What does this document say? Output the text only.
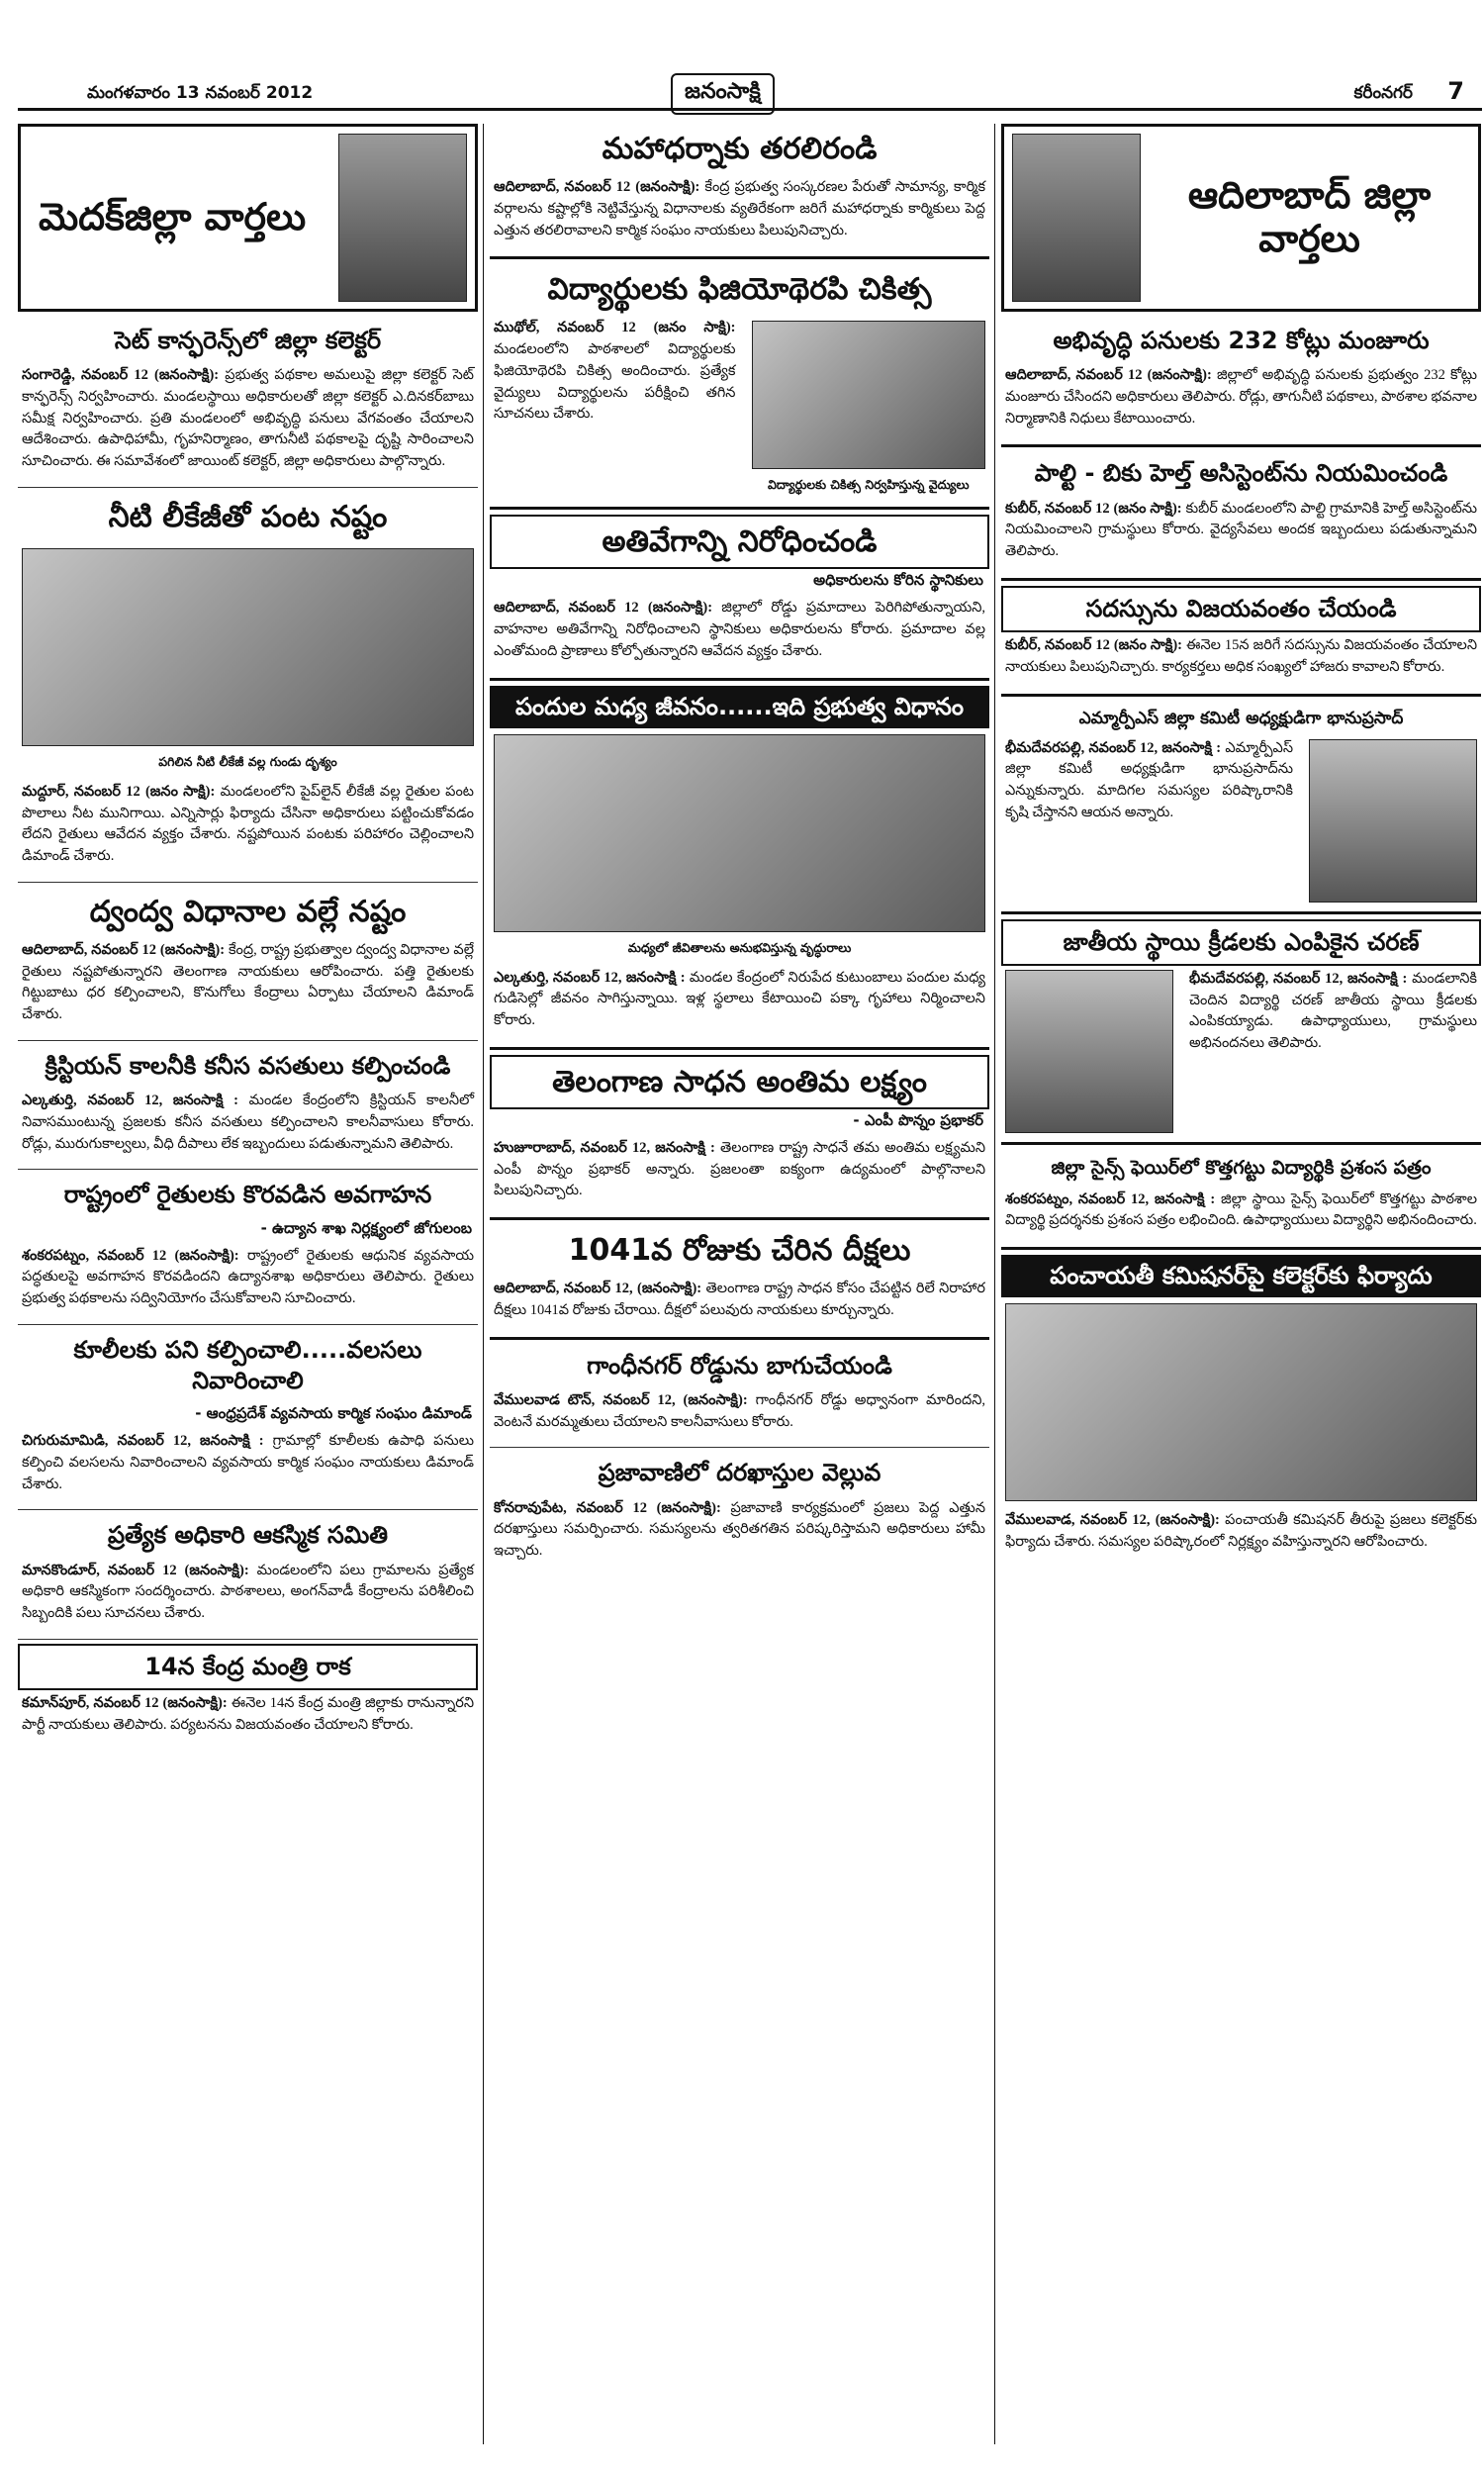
మంగళవారం 13 నవంబర్ 2012	జనంసాక్షి	కరీంనగర్ 7
మెదక్‌జిల్లా వార్తలు
సెట్ కాన్ఫరెన్స్‌లో జిల్లా కలెక్టర్
సంగారెడ్డి, నవంబర్ 12 (జనంసాక్షి): ప్రభుత్వ పథకాల అమలుపై జిల్లా కలెక్టర్ సెట్ కాన్ఫరెన్స్ నిర్వహించారు. మండలస్థాయి అధికారులతో జిల్లా కలెక్టర్ ఎ.దినకర్‌బాబు సమీక్ష నిర్వహించారు. ప్రతి మండలంలో అభివృద్ధి పనులు వేగవంతం చేయాలని ఆదేశించారు. ఉపాధిహామీ, గృహనిర్మాణం, తాగునీటి పథకాలపై దృష్టి సారించాలని సూచించారు. ఈ సమావేశంలో జాయింట్ కలెక్టర్, జిల్లా అధికారులు పాల్గొన్నారు.
నీటి లీకేజీతో పంట నష్టం
పగిలిన నీటి లీకేజీ వల్ల గుండు దృశ్యం
మద్దూర్, నవంబర్ 12 (జనం సాక్షి): మండలంలోని పైప్‌లైన్ లీకేజీ వల్ల రైతుల పంట పొలాలు నీట మునిగాయి. ఎన్నిసార్లు ఫిర్యాదు చేసినా అధికారులు పట్టించుకోవడం లేదని రైతులు ఆవేదన వ్యక్తం చేశారు. నష్టపోయిన పంటకు పరిహారం చెల్లించాలని డిమాండ్ చేశారు.
ద్వంద్వ విధానాల వల్లే నష్టం
ఆదిలాబాద్, నవంబర్ 12 (జనంసాక్షి): కేంద్ర, రాష్ట్ర ప్రభుత్వాల ద్వంద్వ విధానాల వల్లే రైతులు నష్టపోతున్నారని తెలంగాణ నాయకులు ఆరోపించారు. పత్తి రైతులకు గిట్టుబాటు ధర కల్పించాలని, కొనుగోలు కేంద్రాలు ఏర్పాటు చేయాలని డిమాండ్ చేశారు.
క్రిస్టియన్ కాలనీకి కనీస వసతులు కల్పించండి
ఎల్కతుర్తి, నవంబర్ 12, జనంసాక్షి : మండల కేంద్రంలోని క్రిస్టియన్ కాలనీలో నివాసముంటున్న ప్రజలకు కనీస వసతులు కల్పించాలని కాలనీవాసులు కోరారు. రోడ్లు, మురుగుకాల్వలు, వీధి దీపాలు లేక ఇబ్బందులు పడుతున్నామని తెలిపారు.
రాష్ట్రంలో రైతులకు కొరవడిన అవగాహన
- ఉద్యాన శాఖ నిర్లక్ష్యంలో జోగులంబ
శంకరపట్నం, నవంబర్ 12 (జనంసాక్షి): రాష్ట్రంలో రైతులకు ఆధునిక వ్యవసాయ పద్ధతులపై అవగాహన కొరవడిందని ఉద్యానశాఖ అధికారులు తెలిపారు. రైతులు ప్రభుత్వ పథకాలను సద్వినియోగం చేసుకోవాలని సూచించారు.
కూలీలకు పని కల్పించాలి.....వలసలు నివారించాలి
- ఆంధ్రప్రదేశ్ వ్యవసాయ కార్మిక సంఘం డిమాండ్
చిగురుమామిడి, నవంబర్ 12, జనంసాక్షి : గ్రామాల్లో కూలీలకు ఉపాధి పనులు కల్పించి వలసలను నివారించాలని వ్యవసాయ కార్మిక సంఘం నాయకులు డిమాండ్ చేశారు.
ప్రత్యేక అధికారి ఆకస్మిక సమితి
మానకొండూర్, నవంబర్ 12 (జనంసాక్షి): మండలంలోని పలు గ్రామాలను ప్రత్యేక అధికారి ఆకస్మికంగా సందర్శించారు. పాఠశాలలు, అంగన్‌వాడీ కేంద్రాలను పరిశీలించి సిబ్బందికి పలు సూచనలు చేశారు.
14న కేంద్ర మంత్రి రాక
కమాన్‌పూర్, నవంబర్ 12 (జనంసాక్షి): ఈనెల 14న కేంద్ర మంత్రి జిల్లాకు రానున్నారని పార్టీ నాయకులు తెలిపారు. పర్యటనను విజయవంతం చేయాలని కోరారు.
మహాధర్నాకు తరలిరండి
ఆదిలాబాద్, నవంబర్ 12 (జనంసాక్షి): కేంద్ర ప్రభుత్వ సంస్కరణల పేరుతో సామాన్య, కార్మిక వర్గాలను కష్టాల్లోకి నెట్టివేస్తున్న విధానాలకు వ్యతిరేకంగా జరిగే మహాధర్నాకు కార్మికులు పెద్ద ఎత్తున తరలిరావాలని కార్మిక సంఘం నాయకులు పిలుపునిచ్చారు.
విద్యార్థులకు ఫిజియోథెరపి చికిత్స
ముథోల్, నవంబర్ 12 (జనం సాక్షి): మండలంలోని పాఠశాలలో విద్యార్థులకు ఫిజియోథెరపి చికిత్స అందించారు. ప్రత్యేక వైద్యులు విద్యార్థులను పరీక్షించి తగిన సూచనలు చేశారు.
విద్యార్థులకు చికిత్స నిర్వహిస్తున్న వైద్యులు
అతివేగాన్ని నిరోధించండి
అధికారులను కోరిన స్థానికులు
ఆదిలాబాద్, నవంబర్ 12 (జనంసాక్షి): జిల్లాలో రోడ్డు ప్రమాదాలు పెరిగిపోతున్నాయని, వాహనాల అతివేగాన్ని నిరోధించాలని స్థానికులు అధికారులను కోరారు. ప్రమాదాల వల్ల ఎంతోమంది ప్రాణాలు కోల్పోతున్నారని ఆవేదన వ్యక్తం చేశారు.
పందుల మధ్య జీవనం......ఇది ప్రభుత్వ విధానం
మధ్యలో జీవితాలను అనుభవిస్తున్న వృద్ధురాలు
ఎల్కతుర్తి, నవంబర్ 12, జనంసాక్షి : మండల కేంద్రంలో నిరుపేద కుటుంబాలు పందుల మధ్య గుడిసెల్లో జీవనం సాగిస్తున్నాయి. ఇళ్ల స్థలాలు కేటాయించి పక్కా గృహాలు నిర్మించాలని కోరారు.
తెలంగాణ సాధన అంతిమ లక్ష్యం
- ఎంపీ పొన్నం ప్రభాకర్
హుజూరాబాద్, నవంబర్ 12, జనంసాక్షి : తెలంగాణ రాష్ట్ర సాధనే తమ అంతిమ లక్ష్యమని ఎంపీ పొన్నం ప్రభాకర్ అన్నారు. ప్రజలంతా ఐక్యంగా ఉద్యమంలో పాల్గొనాలని పిలుపునిచ్చారు.
1041వ రోజుకు చేరిన దీక్షలు
ఆదిలాబాద్, నవంబర్ 12, (జనంసాక్షి): తెలంగాణ రాష్ట్ర సాధన కోసం చేపట్టిన రిలే నిరాహార దీక్షలు 1041వ రోజుకు చేరాయి. దీక్షలో పలువురు నాయకులు కూర్చున్నారు.
గాంధీనగర్ రోడ్డును బాగుచేయండి
వేములవాడ టౌన్, నవంబర్ 12, (జనంసాక్షి): గాంధీనగర్ రోడ్డు అధ్వానంగా మారిందని, వెంటనే మరమ్మతులు చేయాలని కాలనీవాసులు కోరారు.
ప్రజావాణిలో దరఖాస్తుల వెల్లువ
కోనరావుపేట, నవంబర్ 12 (జనంసాక్షి): ప్రజావాణి కార్యక్రమంలో ప్రజలు పెద్ద ఎత్తున దరఖాస్తులు సమర్పించారు. సమస్యలను త్వరితగతిన పరిష్కరిస్తామని అధికారులు హామీ ఇచ్చారు.
ఆదిలాబాద్ జిల్లా వార్తలు
అభివృద్ధి పనులకు 232 కోట్లు మంజూరు
ఆదిలాబాద్, నవంబర్ 12 (జనంసాక్షి): జిల్లాలో అభివృద్ధి పనులకు ప్రభుత్వం 232 కోట్లు మంజూరు చేసిందని అధికారులు తెలిపారు. రోడ్లు, తాగునీటి పథకాలు, పాఠశాల భవనాల నిర్మాణానికి నిధులు కేటాయించారు.
పాల్టి - బికు హెల్త్ అసిస్టెంట్‌ను నియమించండి
కుబీర్, నవంబర్ 12 (జనం సాక్షి): కుబీర్ మండలంలోని పాల్టి గ్రామానికి హెల్త్ అసిస్టెంట్‌ను నియమించాలని గ్రామస్థులు కోరారు. వైద్యసేవలు అందక ఇబ్బందులు పడుతున్నామని తెలిపారు.
సదస్సును విజయవంతం చేయండి
కుబీర్, నవంబర్ 12 (జనం సాక్షి): ఈనెల 15న జరిగే సదస్సును విజయవంతం చేయాలని నాయకులు పిలుపునిచ్చారు. కార్యకర్తలు అధిక సంఖ్యలో హాజరు కావాలని కోరారు.
ఎమ్మార్పీఎస్ జిల్లా కమిటీ అధ్యక్షుడిగా భానుప్రసాద్
భీమదేవరపల్లి, నవంబర్ 12, జనంసాక్షి : ఎమ్మార్పీఎస్ జిల్లా కమిటీ అధ్యక్షుడిగా భానుప్రసాద్‌ను ఎన్నుకున్నారు. మాదిగల సమస్యల పరిష్కారానికి కృషి చేస్తానని ఆయన అన్నారు.
జాతీయ స్థాయి క్రీడలకు ఎంపికైన చరణ్
భీమదేవరపల్లి, నవంబర్ 12, జనంసాక్షి : మండలానికి చెందిన విద్యార్థి చరణ్ జాతీయ స్థాయి క్రీడలకు ఎంపికయ్యాడు. ఉపాధ్యాయులు, గ్రామస్థులు అభినందనలు తెలిపారు.
జిల్లా సైన్స్ ఫెయిర్‌లో కొత్తగట్టు విద్యార్థికి ప్రశంస పత్రం
శంకరపట్నం, నవంబర్ 12, జనంసాక్షి : జిల్లా స్థాయి సైన్స్ ఫెయిర్‌లో కొత్తగట్టు పాఠశాల విద్యార్థి ప్రదర్శనకు ప్రశంస పత్రం లభించింది. ఉపాధ్యాయులు విద్యార్థిని అభినందించారు.
పంచాయతీ కమిషనర్‌పై కలెక్టర్‌కు ఫిర్యాదు
వేములవాడ, నవంబర్ 12, (జనంసాక్షి): పంచాయతీ కమిషనర్ తీరుపై ప్రజలు కలెక్టర్‌కు ఫిర్యాదు చేశారు. సమస్యల పరిష్కారంలో నిర్లక్ష్యం వహిస్తున్నారని ఆరోపించారు.
